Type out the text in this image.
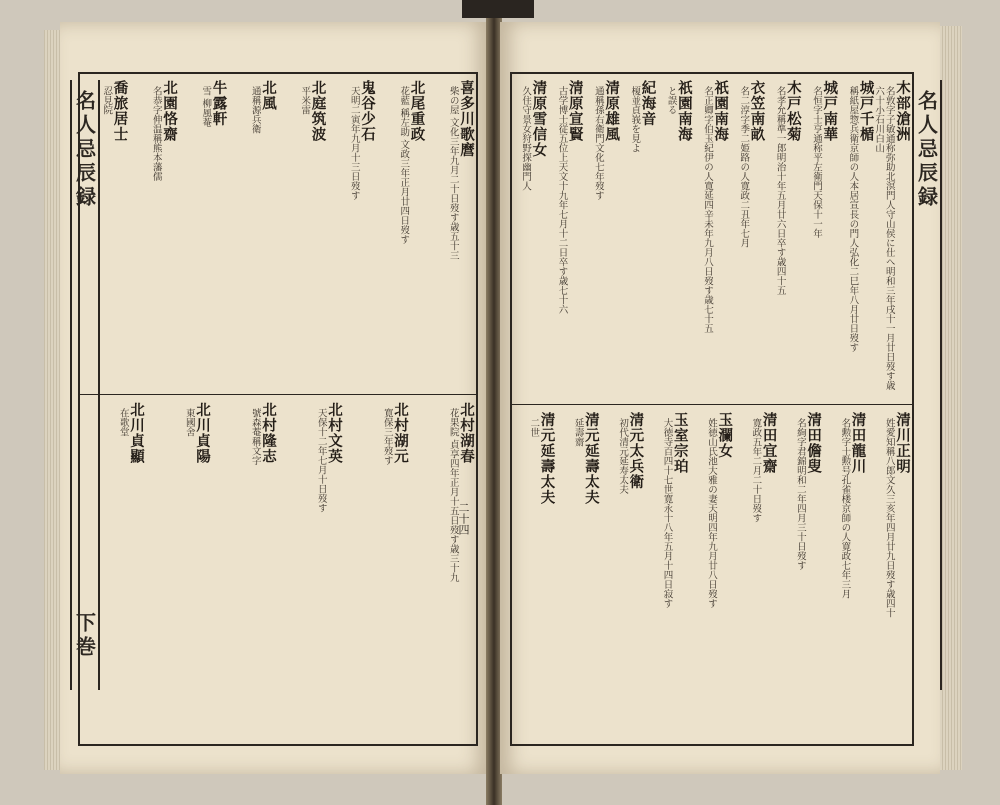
喜多川歌麿
柴の屋 文化三年九月二十日歿す歳五十三
北尾重政
花藍 稱左助 文政三年正月廿四日歿す
鬼谷少石
天明二寅年九月十三日歿す
北庭筑波
平米雷
北風
通稱源兵衛
牛露軒
雪 柳風菴
北園恪齋
名恭字伸温稱熊本藩儒
喬旅居士
忍見院
北村湖春
花果院 貞享四年正月十五日歿す歳三十九
北村湖元
寛保三年歿す
北村文英
天保十二年七月十日歿す
北村隆志
號森菴稱文字
北川貞陽
東國舍
北川貞顯
在歌堂
名人忌辰録
下巻
二十四
木部滄洲
名敦字子敏通称弥助北溟門人守山侯に仕へ明和三年戌十一月廿日歿す歳六十小石川白山
城戸千楯
稱紙屋惣兵衛京師の人本居宣長の門人弘化二巳年八月廿日歿す
城戸南華
名恒字士亨通称平左衛門天保十一年
木戸松菊
名孝允稱準一郎明治十年五月廿六日卒す歳四十五
衣笠南畝
名二淳字季二姫路の人寛政二丑年七月
祇園南海
名正卿字伯玉紀伊の人寛延四辛未年九月八日歿す歳七十五
祇園南海
と誤る
紀海音
榎並貞峩を見よ
清原雄風
通稱孫右衛門文化七年歿す
清原宣賢
古学博士従五位上天文十九年七月十二日卒す歳七十六
清原雪信女
久住守景女狩野探幽門人
清川正明
姓愛知稱八郎文久三亥年四月廿九日歿す歳四十
清田龍川
名勲字士勲号孔雀楼京師の人寛政七年三月
清田儋叟
名絢字君錦明和二年四月三十日歿す
清田宜齋
寛政五年二月二十日歿す
玉瀾女
姓徳山氏池大雅の妻天明四年九月廿八日歿す
玉室宗珀
大徳寺百四十七世寛永十八年五月十四日寂す
清元太兵衛
初代清元延寿太夫
清元延壽太夫
延壽齋
清元延壽太夫
二世
名人忌辰録
